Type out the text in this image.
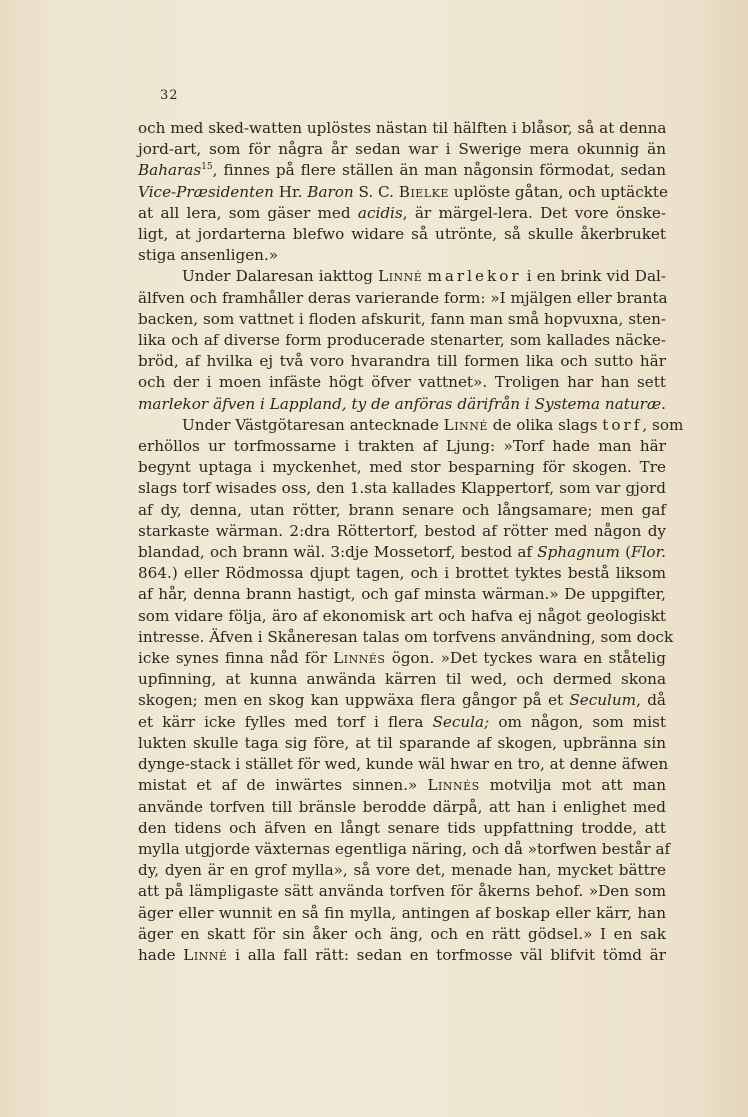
32
och med sked-watten uplöstes nästan til hälften i blåsor, så at denna
jord-art, som för några år sedan war i Swerige mera okunnig än
Baharas$^{15}$, finnes på flere ställen än man någonsin förmodat, sedan
Vice-Præsidenten Hr. Baron S. C. Bielke uplöste gåtan, och uptäckte
at all lera, som gäser med acidis, är märgel-lera. Det vore önske-
ligt, at jordarterna blefwo widare så utrönte, så skulle åkerbruket
stiga ansenligen.»
Under Dalaresan iakttog Linné marlekor i en brink vid Dal-
älfven och framhåller deras varierande form: »I mjälgen eller branta
backen, som vattnet i floden afskurit, fann man små hopvuxna, sten-
lika och af diverse form producerade stenarter, som kallades näcke-
bröd, af hvilka ej två voro hvarandra till formen lika och sutto här
och der i moen infäste högt öfver vattnet». Troligen har han sett
marlekor äfven i Lappland, ty de anföras därifrån i Systema naturæ.
Under Västgötaresan antecknade Linné de olika slags torf, som
erhöllos ur torfmossarne i trakten af Ljung: »Torf hade man här
begynt uptaga i myckenhet, med stor besparning för skogen. Tre
slags torf wisades oss, den 1.sta kallades Klappertorf, som var gjord
af dy, denna, utan rötter, brann senare och långsamare; men gaf
starkaste wärman. 2:dra Röttertorf, bestod af rötter med någon dy
blandad, och brann wäl. 3:dje Mossetorf, bestod af Sphagnum (Flor.
864.) eller Rödmossa djupt tagen, och i brottet tyktes bestå liksom
af hår, denna brann hastigt, och gaf minsta wärman.» De uppgifter,
som vidare följa, äro af ekonomisk art och hafva ej något geologiskt
intresse. Äfven i Skåneresan talas om torfvens användning, som dock
icke synes finna nåd för Linnés ögon. »Det tyckes wara en ståtelig
upfinning, at kunna anwända kärren til wed, och dermed skona
skogen; men en skog kan uppwäxa flera gångor på et Seculum, då
et kärr icke fylles med torf i flera Secula; om någon, som mist
lukten skulle taga sig före, at til sparande af skogen, upbränna sin
dynge-stack i stället för wed, kunde wäl hwar en tro, at denne äfwen
mistat et af de inwärtes sinnen.» Linnés motvilja mot att man
använde torfven till bränsle berodde därpå, att han i enlighet med
den tidens och äfven en långt senare tids uppfattning trodde, att
mylla utgjorde växternas egentliga näring, och då »torfwen består af
dy, dyen är en grof mylla», så vore det, menade han, mycket bättre
att på lämpligaste sätt använda torfven för åkerns behof. »Den som
äger eller wunnit en så fin mylla, antingen af boskap eller kärr, han
äger en skatt för sin åker och äng, och en rätt gödsel.» I en sak
hade Linné i alla fall rätt: sedan en torfmosse väl blifvit tömd är
